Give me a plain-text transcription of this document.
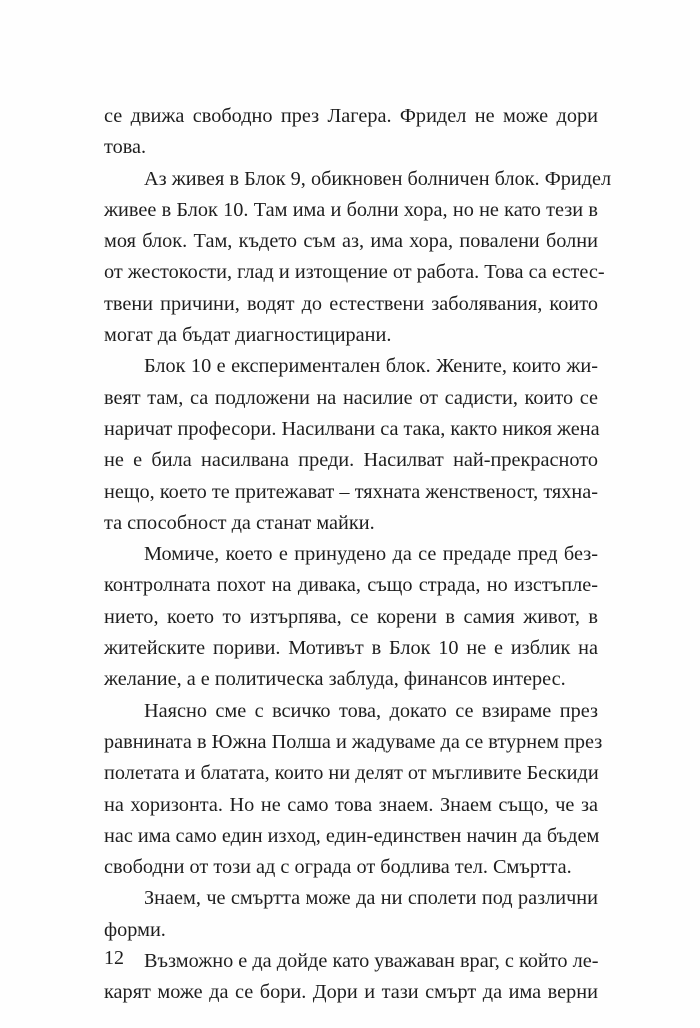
се движа свободно през Лагера. Фридел не може дори
това.
Аз живея в Блок 9, обикновен болничен блок. Фридел
живее в Блок 10. Там има и болни хора, но не като тези в
моя блок. Там, където съм аз, има хора, повалени болни
от жестокости, глад и изтощение от работа. Това са естес-
твени причини, водят до естествени заболявания, които
могат да бъдат диагностицирани.
Блок 10 е експериментален блок. Жените, които жи-
веят там, са подложени на насилие от садисти, които се
наричат професори. Насилвани са така, както никоя жена
не е била насилвана преди. Насилват най-прекрасното
нещо, което те притежават – тяхната женственост, тяхна-
та способност да станат майки.
Момиче, което е принудено да се предаде пред без-
контролната похот на дивака, също страда, но изстъпле-
нието, което то изтърпява, се корени в самия живот, в
житейските пориви. Мотивът в Блок 10 не е изблик на
желание, а е политическа заблуда, финансов интерес.
Наясно сме с всичко това, докато се взираме през
равнината в Южна Полша и жадуваме да се втурнем през
полетата и блатата, които ни делят от мъгливите Бескиди
на хоризонта. Но не само това знаем. Знаем също, че за
нас има само един изход, един-единствен начин да бъдем
свободни от този ад с ограда от бодлива тел. Смъртта.
Знаем, че смъртта може да ни сполети под различни
форми.
Възможно е да дойде като уважаван враг, с който ле-
карят може да се бори. Дори и тази смърт да има верни
12
